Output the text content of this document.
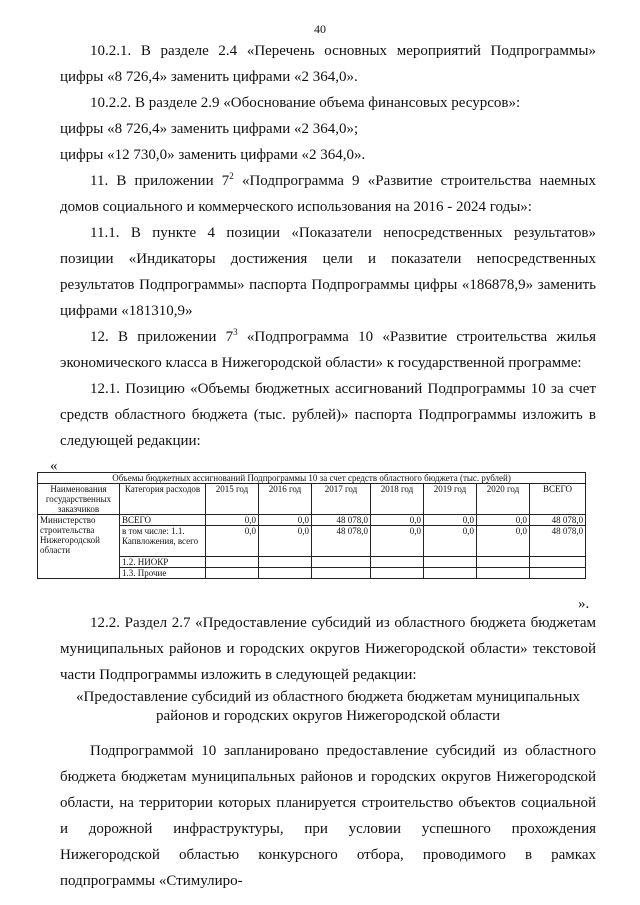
40

10.2.1. В разделе 2.4 «Перечень основных мероприятий Подпрограммы» цифры «8 726,4» заменить цифрами «2 364,0».

10.2.2. В разделе 2.9 «Обоснование объема финансовых ресурсов»:

цифры «8 726,4» заменить цифрами «2 364,0»;

цифры «12 730,0» заменить цифрами «2 364,0».

11. В приложении $7^2$ «Подпрограмма 9 «Развитие строительства наемных домов социального и коммерческого использования на 2016 - 2024 годы»:

11.1. В пункте 4 позиции «Показатели непосредственных результатов» позиции «Индикаторы достижения цели и показатели непосредственных результатов Подпрограммы» паспорта Подпрограммы цифры «186878,9» заменить цифрами «181310,9»

12. В приложении $7^3$ «Подпрограмма 10 «Развитие строительства жилья экономического класса в Нижегородской области» к государственной программе:

12.1. Позицию «Объемы бюджетных ассигнований Подпрограммы 10 за счет средств областного бюджета (тыс. рублей)» паспорта Подпрограммы изложить в следующей редакции:

«
Объемы бюджетных ассигнований Подпрограммы 10 за счет средств областного бюджета (тыс. рублей)								
Наименования государственных заказчиков	Категория расходов	2015 год	2016 год	2017 год	2018 год	2019 год	2020 год	ВСЕГО
Министерство строительства Нижегородской области	ВСЕГО	0,0	0,0	48 078,0	0,0	0,0	0,0	48 078,0
	в том числе: 1.1. Капвложения, всего	0,0	0,0	48 078,0	0,0	0,0	0,0	48 078,0
	1.2. НИОКР							
	1.3. Прочие							
».

12.2. Раздел 2.7 «Предоставление субсидий из областного бюджета бюджетам муниципальных районов и городских округов Нижегородской области» текстовой части Подпрограммы изложить в следующей редакции:

«Предоставление субсидий из областного бюджета бюджетам муниципальных районов и городских округов Нижегородской области

Подпрограммой 10 запланировано предоставление субсидий из областного бюджета бюджетам муниципальных районов и городских округов Нижегородской области, на территории которых планируется строительство объектов социальной и дорожной инфраструктуры, при условии успешного прохождения Нижегородской областью конкурсного отбора, проводимого в рамках подпрограммы «Стимулиро-
